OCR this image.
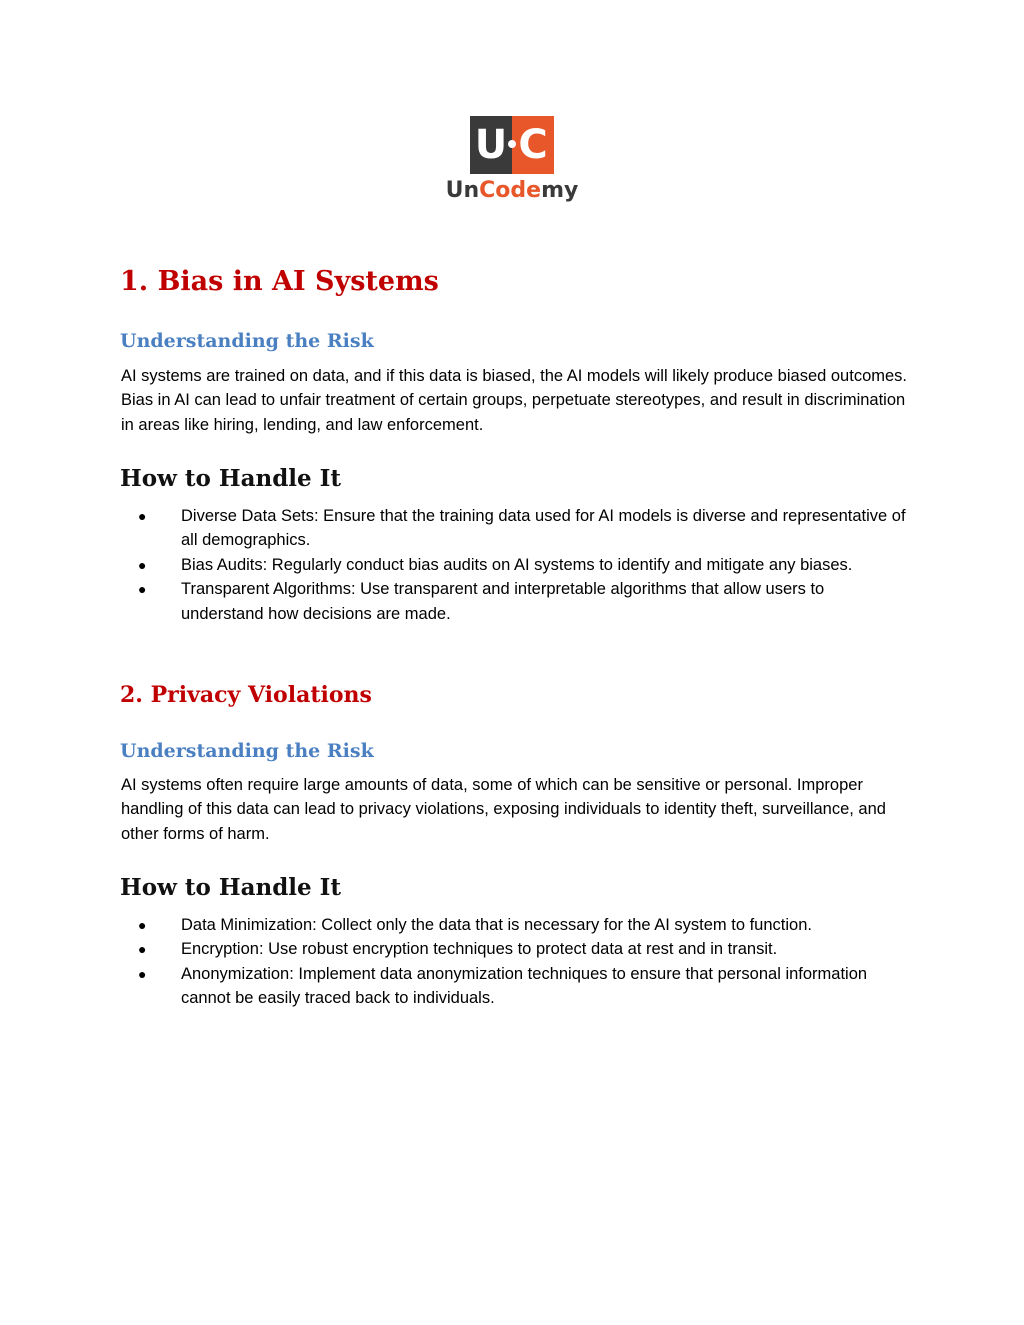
U C
UnCodemy
1. Bias in AI Systems
Understanding the Risk

AI systems are trained on data, and if this data is biased, the AI models will likely produce biased outcomes. Bias in AI can lead to unfair treatment of certain groups, perpetuate stereotypes, and result in discrimination in areas like hiring, lending, and law enforcement.

How to Handle It
● Diverse Data Sets: Ensure that the training data used for AI models is diverse and representative of all demographics.
● Bias Audits: Regularly conduct bias audits on AI systems to identify and mitigate any biases.
● Transparent Algorithms: Use transparent and interpretable algorithms that allow users to understand how decisions are made.
2. Privacy Violations
Understanding the Risk

AI systems often require large amounts of data, some of which can be sensitive or personal. Improper handling of this data can lead to privacy violations, exposing individuals to identity theft, surveillance, and other forms of harm.

How to Handle It
● Data Minimization: Collect only the data that is necessary for the AI system to function.
● Encryption: Use robust encryption techniques to protect data at rest and in transit.
● Anonymization: Implement data anonymization techniques to ensure that personal information cannot be easily traced back to individuals.
